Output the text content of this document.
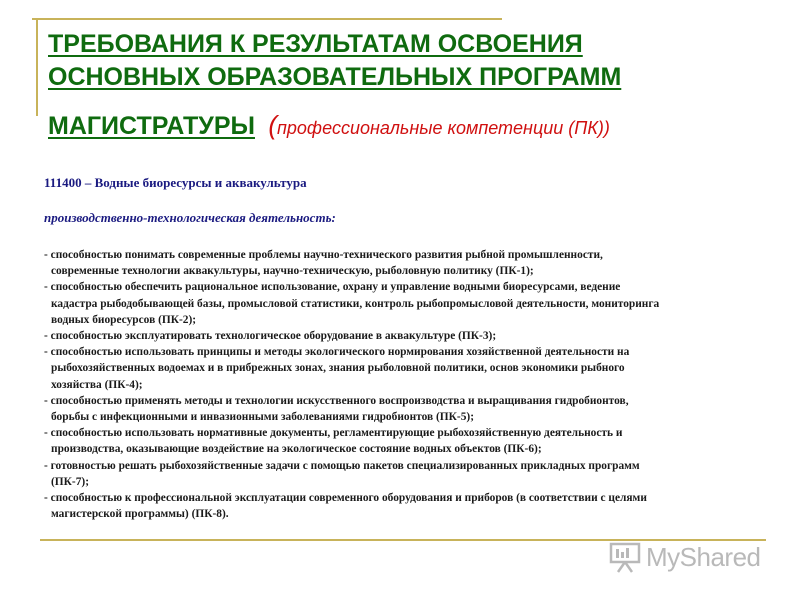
ТРЕБОВАНИЯ К РЕЗУЛЬТАТАМ ОСВОЕНИЯ
ОСНОВНЫХ ОБРАЗОВАТЕЛЬНЫХ ПРОГРАММ
МАГИСТРАТУРЫ (профессиональные компетенции (ПК))

111400 – Водные биоресурсы и аквакультура

производственно-технологическая деятельность:

- способностью понимать современные проблемы научно-технического развития рыбной промышленности,
современные технологии аквакультуры, научно-техническую, рыболовную политику (ПК-1);
- способностью обеспечить рациональное использование, охрану и управление водными биоресурсами, ведение
кадастра рыбодобывающей базы, промысловой статистики, контроль рыбопромысловой деятельности, мониторинга
водных биоресурсов (ПК-2);
- способностью эксплуатировать технологическое оборудование в аквакультуре (ПК-3);
- способностью использовать принципы и методы экологического нормирования хозяйственной деятельности на
рыбохозяйственных водоемах и в прибрежных зонах, знания рыболовной политики, основ экономики рыбного
хозяйства (ПК-4);
- способностью применять методы и технологии искусственного воспроизводства и выращивания гидробионтов,
борьбы с инфекционными и инвазионными заболеваниями гидробионтов (ПК-5);
- способностью использовать нормативные документы, регламентирующие рыбохозяйственную деятельность и
производства, оказывающие воздействие на экологическое состояние водных объектов (ПК-6);
- готовностью решать рыбохозяйственные задачи с помощью пакетов специализированных прикладных программ
(ПК-7);
- способностью к профессиональной эксплуатации современного оборудования и приборов (в соответствии с целями
магистерской программы) (ПК-8).
MyShared
